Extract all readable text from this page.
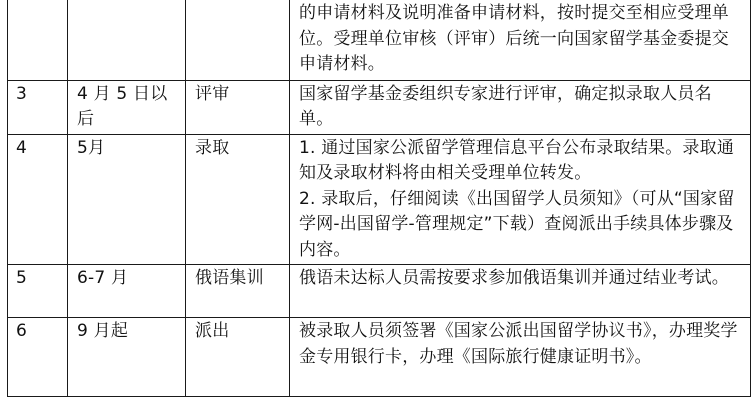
			的申请材料及说明准备申请材料，按时提交至相应受理单位。受理单位审核（评审）后统一向国家留学基金委提交申请材料。

3	4 月 5 日以后	评审	国家留学基金委组织专家进行评审，确定拟录取人员名单。

4	5月	录取	1. 通过国家公派留学管理信息平台公布录取结果。录取通知及录取材料将由相关受理单位转发。
2. 录取后，仔细阅读《出国留学人员须知》（可从“国家留学网-出国留学-管理规定”下载）查阅派出手续具体步骤及内容。

5	6-7 月	俄语集训	俄语未达标人员需按要求参加俄语集训并通过结业考试。

6	9 月起	派出	被录取人员须签署《国家公派出国留学协议书》，办理奖学金专用银行卡，办理《国际旅行健康证明书》。
